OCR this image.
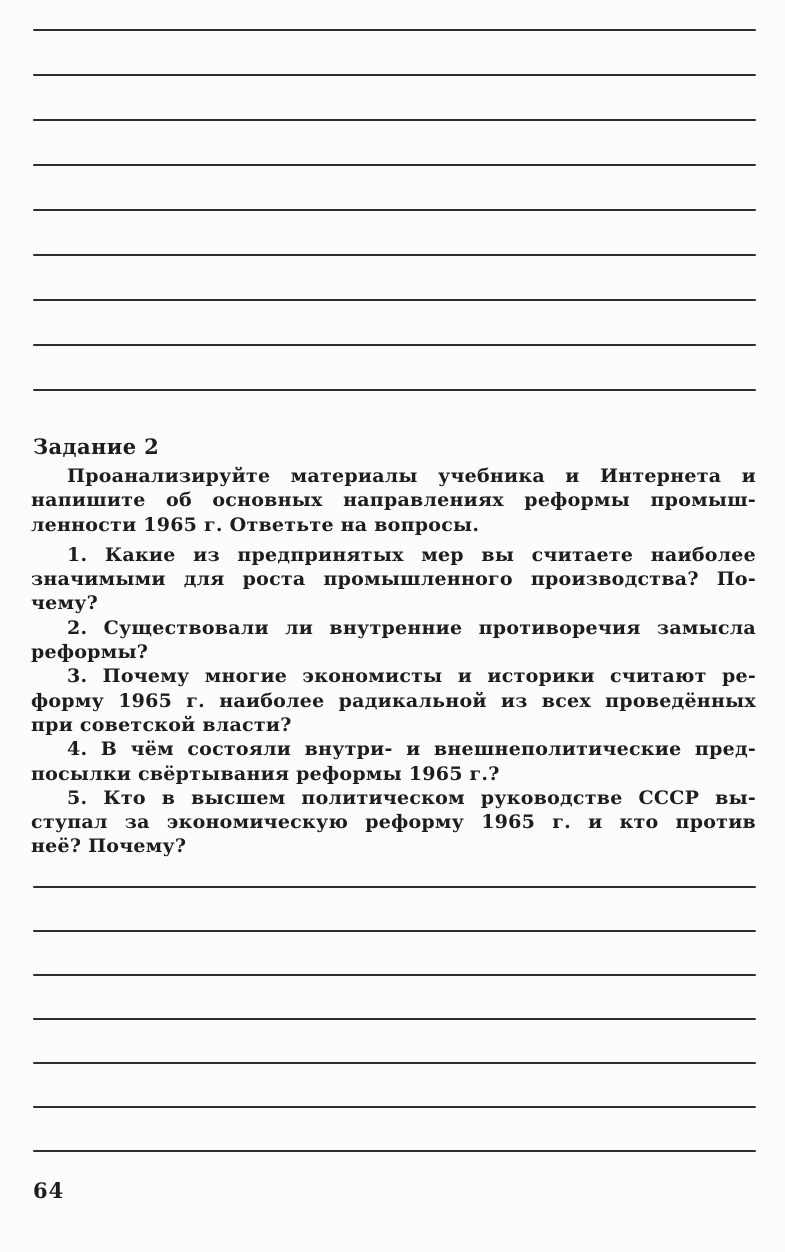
Задание 2
Проанализируйте материалы учебника и Интернета и
напишите об основных направлениях реформы промыш-
ленности 1965 г. Ответьте на вопросы.
1. Какие из предпринятых мер вы считаете наиболее
значимыми для роста промышленного производства? По-
чему?
2. Существовали ли внутренние противоречия замысла
реформы?
3. Почему многие экономисты и историки считают ре-
форму 1965 г. наиболее радикальной из всех проведённых
при советской власти?
4. В чём состояли внутри- и внешнеполитические пред-
посылки свёртывания реформы 1965 г.?
5. Кто в высшем политическом руководстве СССР вы-
ступал за экономическую реформу 1965 г. и кто против
неё? Почему?
64
